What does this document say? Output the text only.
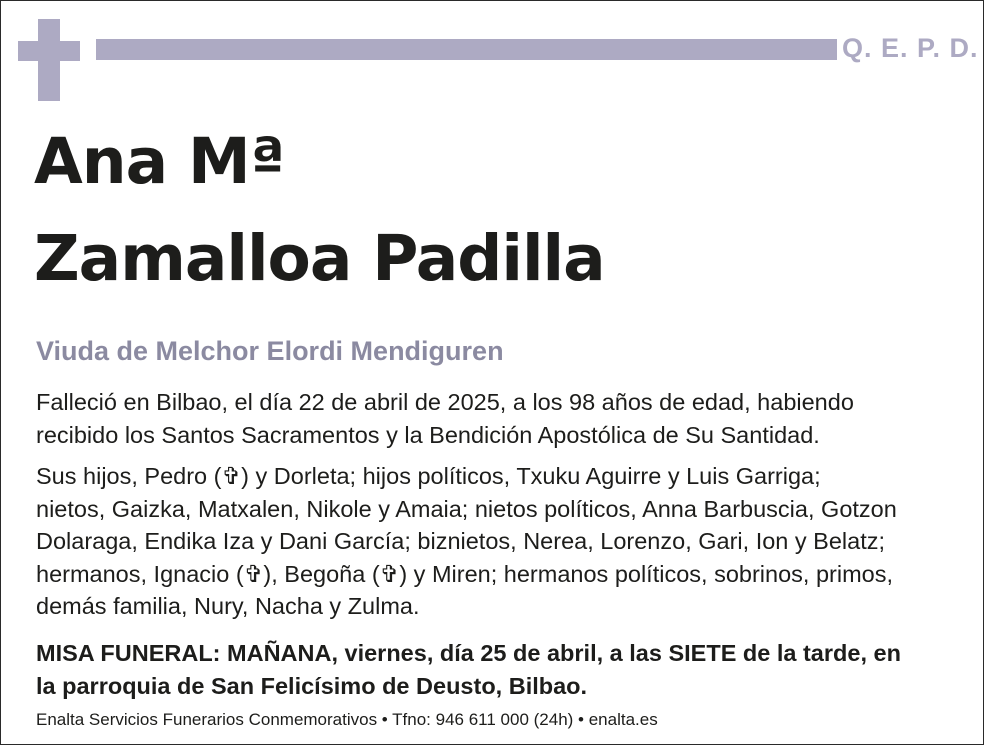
Q. E. P. D.
Ana Mª
Zamalloa Padilla
Viuda de Melchor Elordi Mendiguren
Falleció en Bilbao, el día 22 de abril de 2025, a los 98 años de edad, habiendo
recibido los Santos Sacramentos y la Bendición Apostólica de Su Santidad.
Sus hijos, Pedro (✞) y Dorleta; hijos políticos, Txuku Aguirre y Luis Garriga;
nietos, Gaizka, Matxalen, Nikole y Amaia; nietos políticos, Anna Barbuscia, Gotzon
Dolaraga, Endika Iza y Dani García; biznietos, Nerea, Lorenzo, Gari, Ion y Belatz;
hermanos, Ignacio (✞), Begoña (✞) y Miren; hermanos políticos, sobrinos, primos,
demás familia, Nury, Nacha y Zulma.
MISA FUNERAL: MAÑANA, viernes, día 25 de abril, a las SIETE de la tarde, en
la parroquia de San Felicísimo de Deusto, Bilbao.
Enalta Servicios Funerarios Conmemorativos • Tfno: 946 611 000 (24h) • enalta.es
